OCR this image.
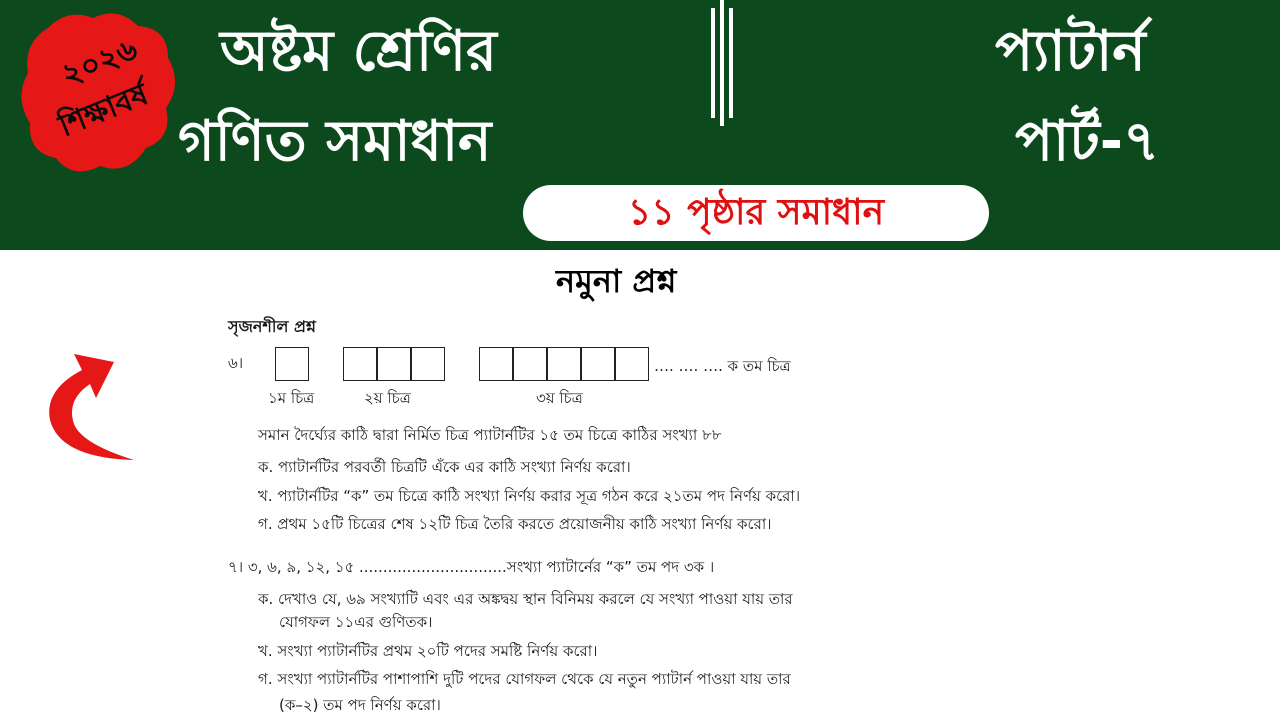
২০২৬
শিক্ষাবর্ষ
অষ্টম শ্রেণির
গণিত সমাধান
প্যাটার্ন
পার্ট-৭
১১ পৃষ্ঠার সমাধান
নমুনা প্রশ্ন
সৃজনশীল প্রশ্ন
৬।	…. …. …. ক তম চিত্র
১ম চিত্র	২য় চিত্র	৩য় চিত্র
সমান দৈর্ঘ্যের কাঠি দ্বারা নির্মিত চিত্র প্যাটার্নটির ১৫ তম চিত্রে কাঠির সংখ্যা ৮৮
ক. প্যাটার্নটির পরবর্তী চিত্রটি এঁকে এর কাঠি সংখ্যা নির্ণয় করো।
খ. প্যাটার্নটির “ক” তম চিত্রে কাঠি সংখ্যা নির্ণয় করার সূত্র গঠন করে ২১তম পদ নির্ণয় করো।
গ. প্রথম ১৫টি চিত্রের শেষ ১২টি চিত্র তৈরি করতে প্রয়োজনীয় কাঠি সংখ্যা নির্ণয় করো।
৭। ৩, ৬, ৯, ১২, ১৫ ...............................সংখ্যা প্যাটার্নের “ক” তম পদ ৩ক ।
ক. দেখাও যে, ৬৯ সংখ্যাটি এবং এর অঙ্কদ্বয় স্থান বিনিময় করলে যে সংখ্যা পাওয়া যায় তার
যোগফল ১১এর গুণিতক।
খ. সংখ্যা প্যাটার্নটির প্রথম ২০টি পদের সমষ্টি নির্ণয় করো।
গ. সংখ্যা প্যাটার্নটির পাশাপাশি দুটি পদের যোগফল থেকে যে নতুন প্যাটার্ন পাওয়া যায় তার
(ক–২) তম পদ নির্ণয় করো।
